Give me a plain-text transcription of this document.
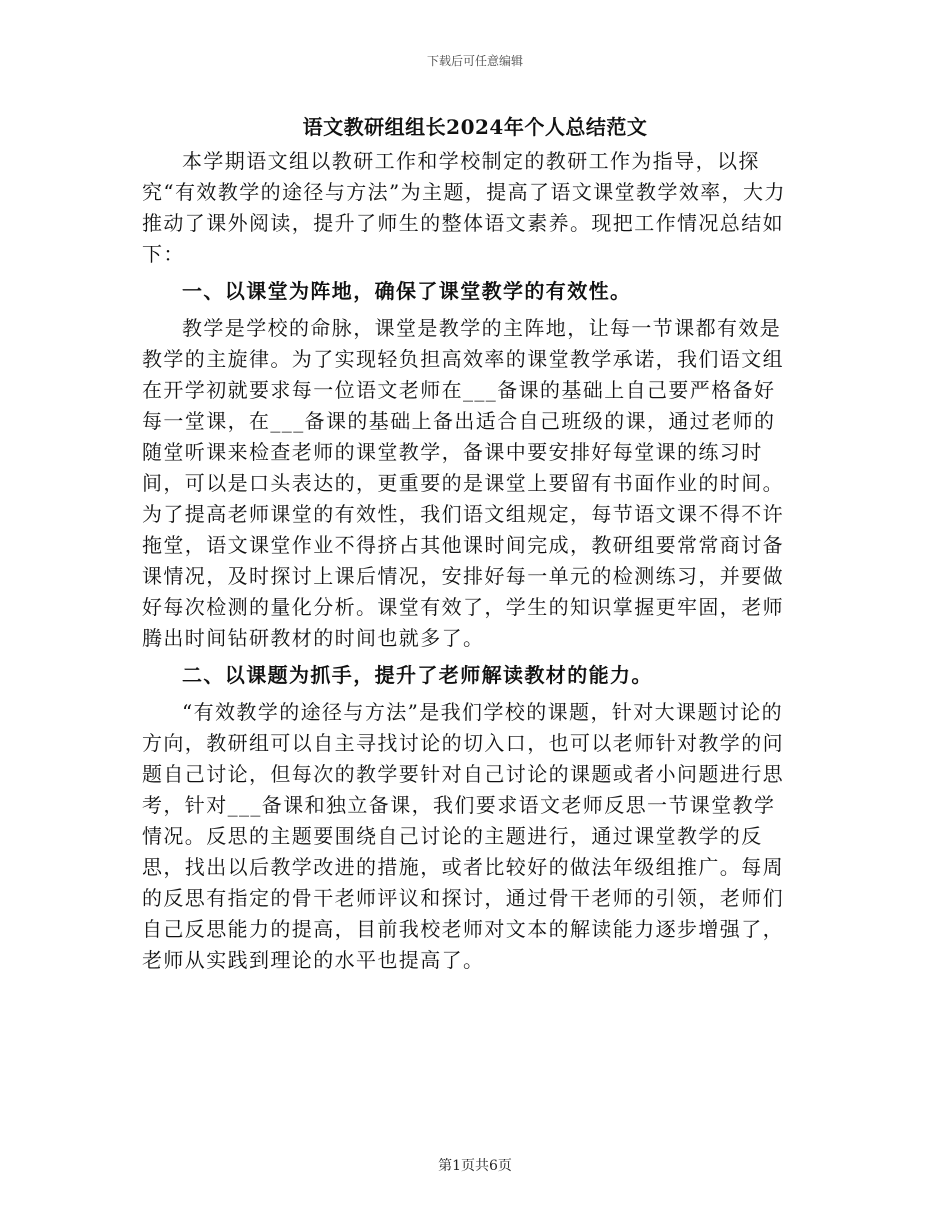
下载后可任意编辑
语文教研组组长2024年个人总结范文

本学期语文组以教研工作和学校制定的教研工作为指导，以探究“有效教学的途径与方法”为主题，提高了语文课堂教学效率，大力推动了课外阅读，提升了师生的整体语文素养。现把工作情况总结如下：

一、以课堂为阵地，确保了课堂教学的有效性。

教学是学校的命脉，课堂是教学的主阵地，让每一节课都有效是教学的主旋律。为了实现轻负担高效率的课堂教学承诺，我们语文组在开学初就要求每一位语文老师在___备课的基础上自己要严格备好每一堂课，在___备课的基础上备出适合自己班级的课，通过老师的随堂听课来检查老师的课堂教学，备课中要安排好每堂课的练习时间，可以是口头表达的，更重要的是课堂上要留有书面作业的时间。为了提高老师课堂的有效性，我们语文组规定，每节语文课不得不许拖堂，语文课堂作业不得挤占其他课时间完成，教研组要常常商讨备课情况，及时探讨上课后情况，安排好每一单元的检测练习，并要做好每次检测的量化分析。课堂有效了，学生的知识掌握更牢固，老师腾出时间钻研教材的时间也就多了。

二、以课题为抓手，提升了老师解读教材的能力。

“有效教学的途径与方法”是我们学校的课题，针对大课题讨论的方向，教研组可以自主寻找讨论的切入口，也可以老师针对教学的问题自己讨论，但每次的教学要针对自己讨论的课题或者小问题进行思考，针对___备课和独立备课，我们要求语文老师反思一节课堂教学情况。反思的主题要围绕自己讨论的主题进行，通过课堂教学的反思，找出以后教学改进的措施，或者比较好的做法年级组推广。每周的反思有指定的骨干老师评议和探讨，通过骨干老师的引领，老师们自己反思能力的提高，目前我校老师对文本的解读能力逐步增强了，老师从实践到理论的水平也提高了。

第1页共6页
